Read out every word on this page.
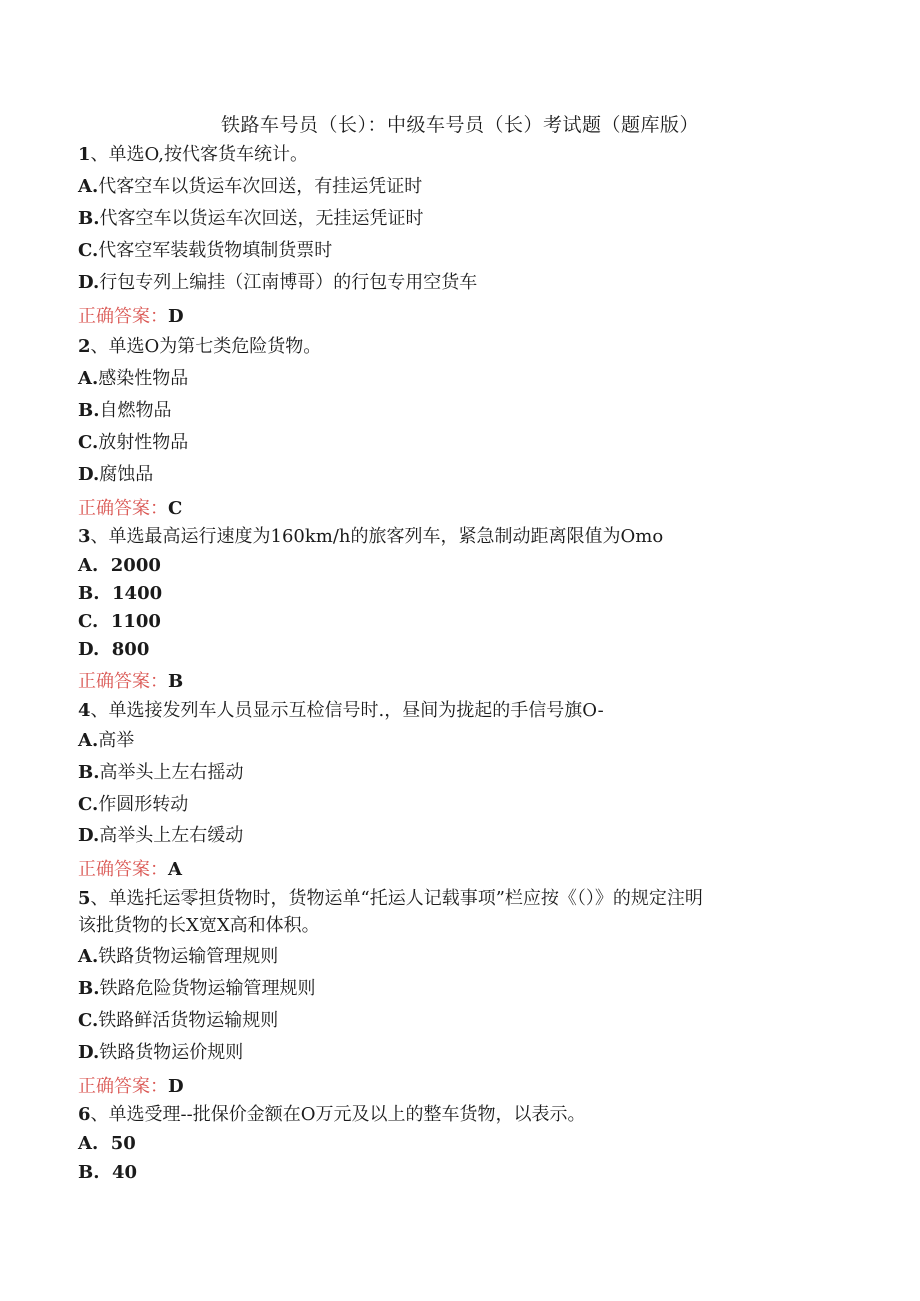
铁路车号员（长）：中级车号员（长）考试题（题库版）
1、单选O,按代客货车统计。
A.代客空车以货运车次回送，有挂运凭证时
B.代客空车以货运车次回送，无挂运凭证时
C.代客空军装载货物填制货票时
D.行包专列上编挂（江南博哥）的行包专用空货车
正确答案：D
2、单选O为第七类危险货物。
A.感染性物品
B.自燃物品
C.放射性物品
D.腐蚀品
正确答案：C
3、单选最高运行速度为160km/h的旅客列车，紧急制动距离限值为Omo
A. 2000
B. 1400
C. 1100
D. 800
正确答案：B
4、单选接发列车人员显示互检信号时.，昼间为拢起的手信号旗O-
A.高举
B.高举头上左右摇动
C.作圆形转动
D.高举头上左右缓动
正确答案：A
5、单选托运零担货物时，货物运单“托运人记载事项”栏应按《（）》的规定注明
该批货物的长X宽X高和体积。
A.铁路货物运输管理规则
B.铁路危险货物运输管理规则
C.铁路鲜活货物运输规则
D.铁路货物运价规则
正确答案：D
6、单选受理--批保价金额在O万元及以上的整车货物，以表示。
A. 50
B. 40
